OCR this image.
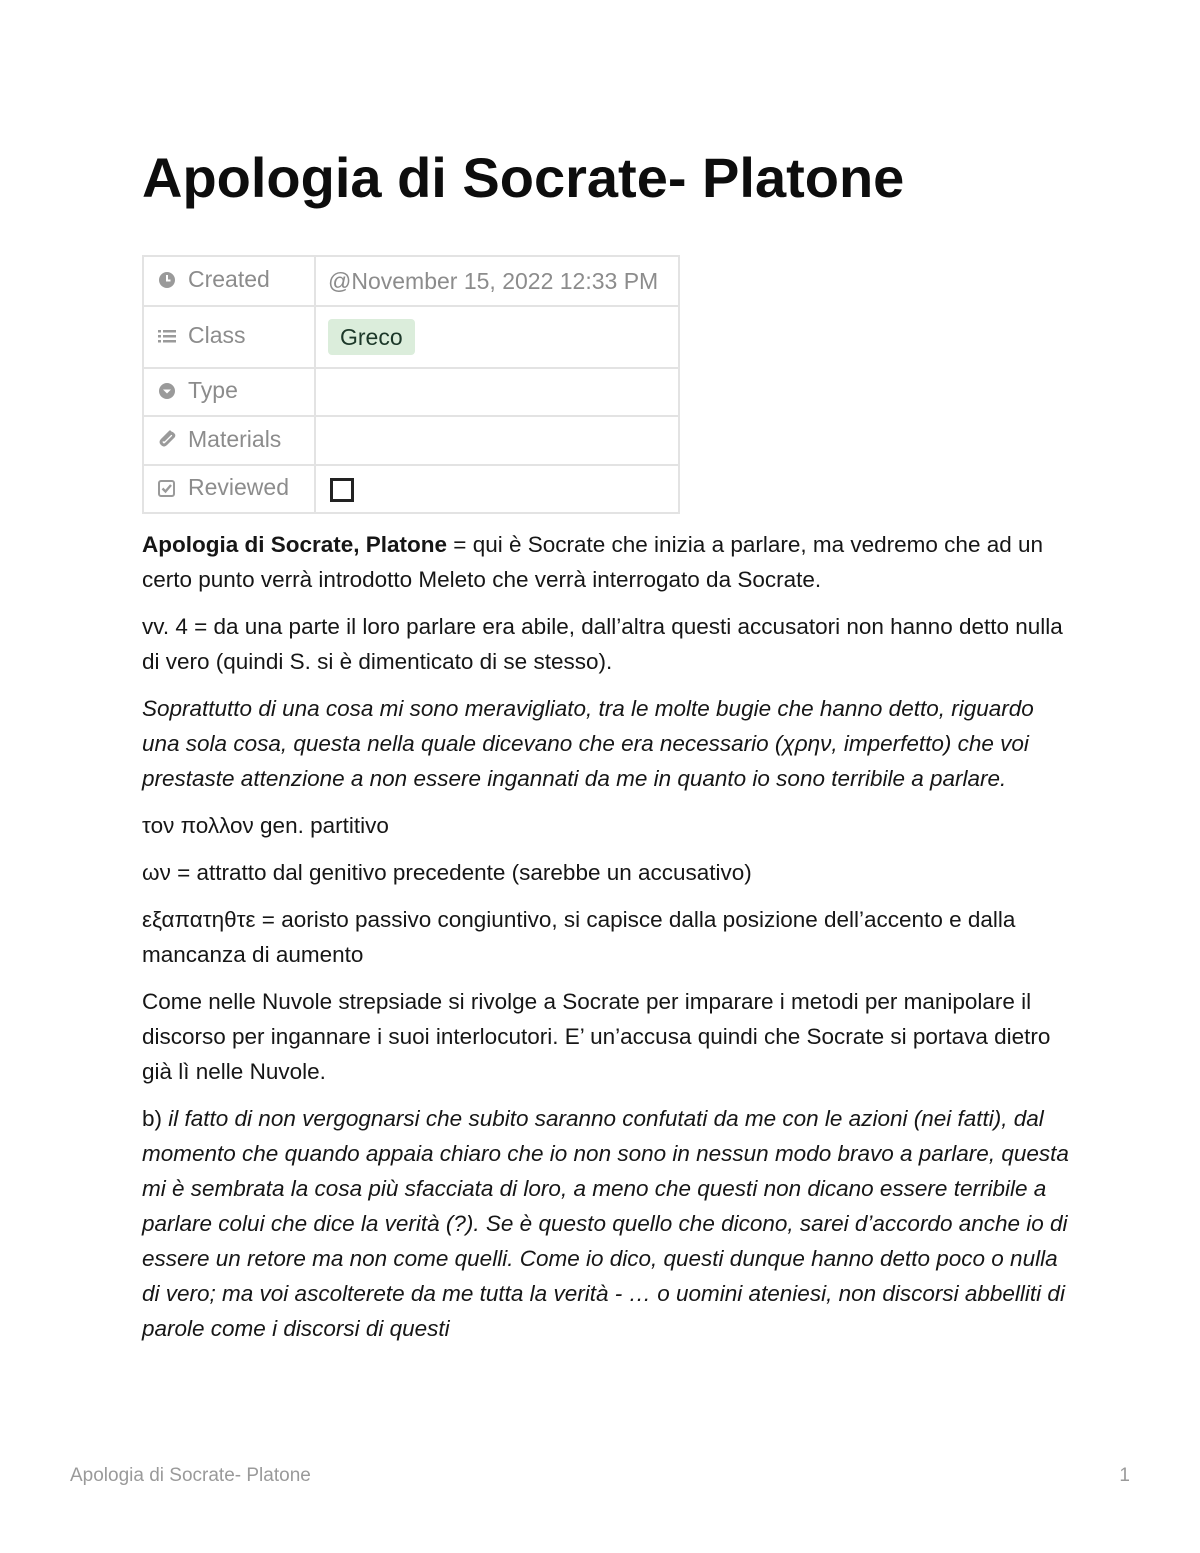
Apologia di Socrate- Platone
Created	@November 15, 2022 12:33 PM

Class	Greco

Type	

Materials	

Reviewed	

Apologia di Socrate, Platone = qui è Socrate che inizia a parlare, ma vedremo che ad un certo punto verrà introdotto Meleto che verrà interrogato da Socrate.

vv. 4 = da una parte il loro parlare era abile, dall’altra questi accusatori non hanno detto nulla di vero (quindi S. si è dimenticato di se stesso).

Soprattutto di una cosa mi sono meravigliato, tra le molte bugie che hanno detto, riguardo una sola cosa, questa nella quale dicevano che era necessario (χρην, imperfetto) che voi prestaste attenzione a non essere ingannati da me in quanto io sono terribile a parlare.

τον πολλον gen. partitivo

ων = attratto dal genitivo precedente (sarebbe un accusativo)

εξαπατηθτε = aoristo passivo congiuntivo, si capisce dalla posizione dell’accento e dalla mancanza di aumento

Come nelle Nuvole strepsiade si rivolge a Socrate per imparare i metodi per manipolare il discorso per ingannare i suoi interlocutori. E’ un’accusa quindi che Socrate si portava dietro già lì nelle Nuvole.

b) il fatto di non vergognarsi che subito saranno confutati da me con le azioni (nei fatti), dal momento che quando appaia chiaro che io non sono in nessun modo bravo a parlare, questa mi è sembrata la cosa più sfacciata di loro, a meno che questi non dicano essere terribile a parlare colui che dice la verità (?). Se è questo quello che dicono, sarei d’accordo anche io di essere un retore ma non come quelli. Come io dico, questi dunque hanno detto poco o nulla di vero; ma voi ascolterete da me tutta la verità - … o uomini ateniesi, non discorsi abbelliti di parole come i discorsi di questi

Apologia di Socrate- Platone	1
